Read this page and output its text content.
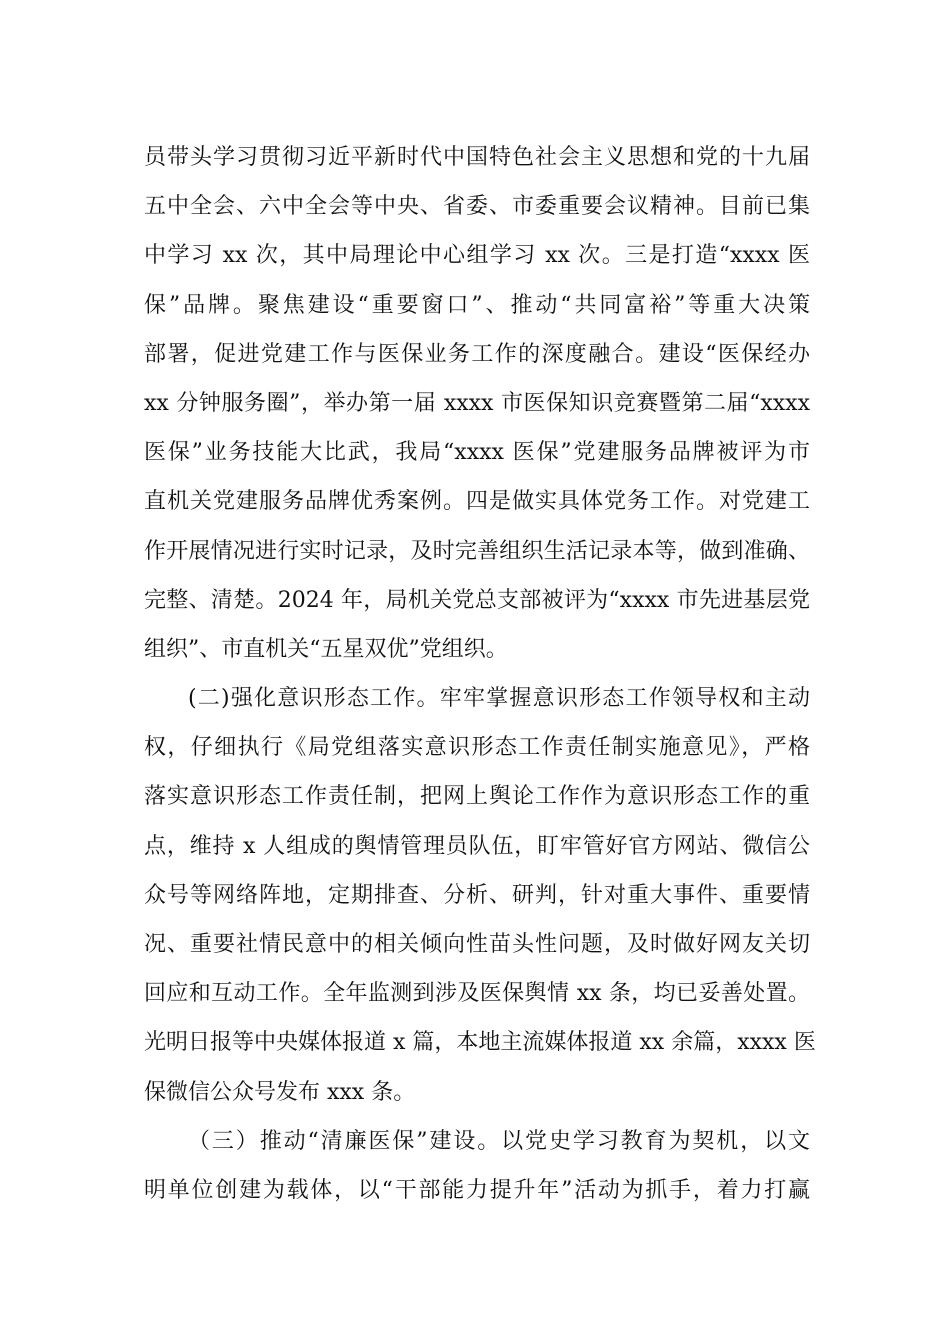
员带头学习贯彻习近平新时代中国特色社会主义思想和党的十九届
五中全会、六中全会等中央、省委、市委重要会议精神。目前已集
中学习 xx 次，其中局理论中心组学习 xx 次。三是打造“xxxx 医
保”品牌。聚焦建设“重要窗口”、推动“共同富裕”等重大决策
部署，促进党建工作与医保业务工作的深度融合。建设“医保经办
xx 分钟服务圈”，举办第一届 xxxx 市医保知识竞赛暨第二届“xxxx
医保”业务技能大比武，我局“xxxx 医保”党建服务品牌被评为市
直机关党建服务品牌优秀案例。四是做实具体党务工作。对党建工
作开展情况进行实时记录，及时完善组织生活记录本等，做到准确、
完整、清楚。2024 年，局机关党总支部被评为“xxxx 市先进基层党
组织”、市直机关“五星双优”党组织。
(二)强化意识形态工作。牢牢掌握意识形态工作领导权和主动
权，仔细执行《局党组落实意识形态工作责任制实施意见》，严格
落实意识形态工作责任制，把网上舆论工作作为意识形态工作的重
点，维持 x 人组成的舆情管理员队伍，盯牢管好官方网站、微信公
众号等网络阵地，定期排查、分析、研判，针对重大事件、重要情
况、重要社情民意中的相关倾向性苗头性问题，及时做好网友关切
回应和互动工作。全年监测到涉及医保舆情 xx 条，均已妥善处置。
光明日报等中央媒体报道 x 篇，本地主流媒体报道 xx 余篇，xxxx 医
保微信公众号发布 xxx 条。
（三）推动“清廉医保”建设。以党史学习教育为契机，以文
明单位创建为载体，以“干部能力提升年”活动为抓手，着力打赢
